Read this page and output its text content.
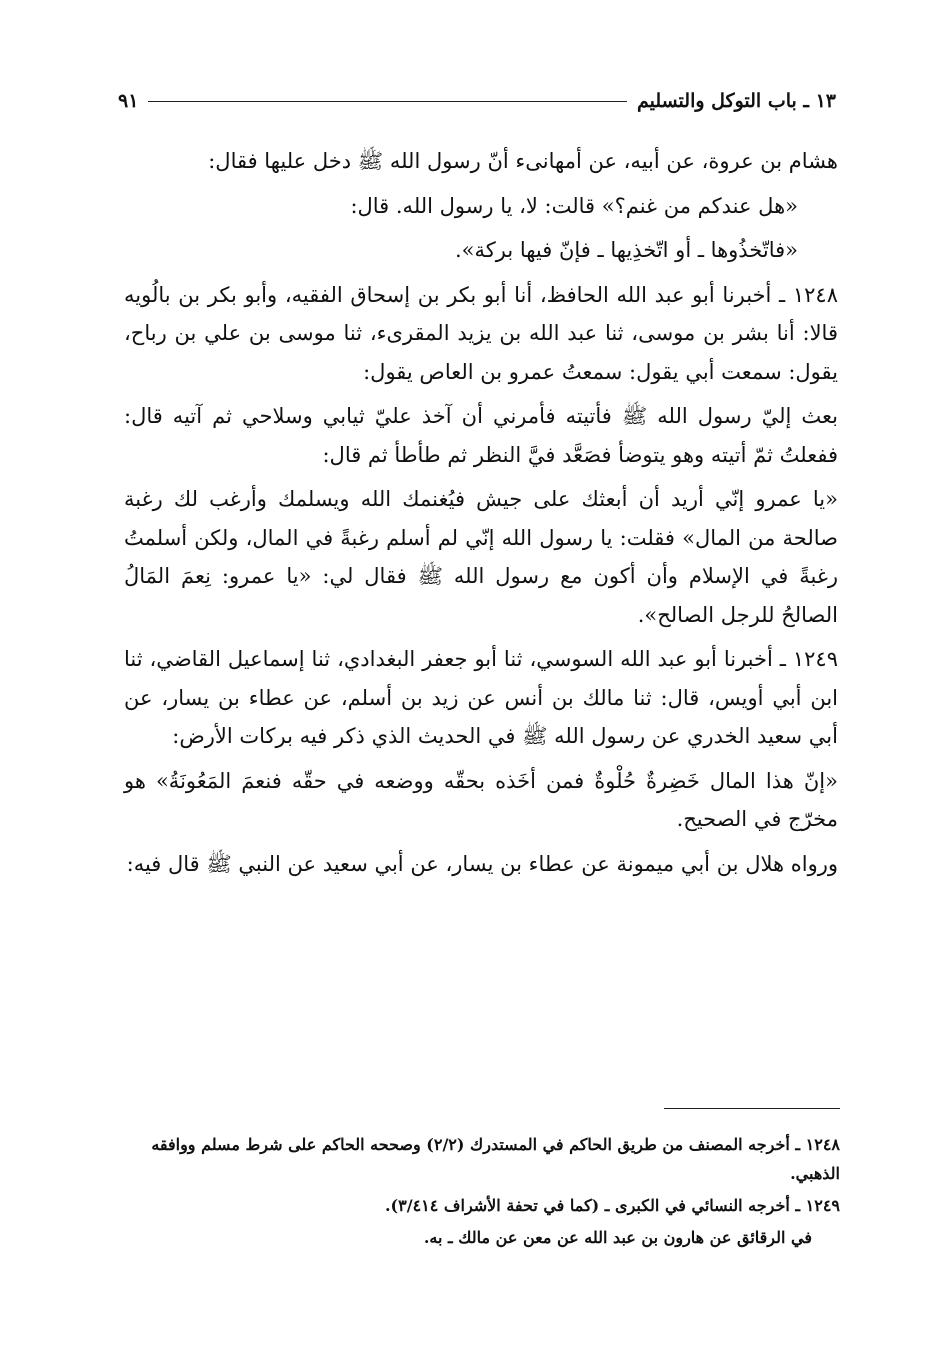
١٣ ـ باب التوكل والتسليم
٩١

هشام بن عروة، عن أبيه، عن أمهانىء أنّ رسول الله ﷺ دخل عليها فقال:

«هل عندكم من غنم؟» قالت: لا، يا رسول الله. قال:

«فاتّخذُوها ـ أو اتّخذِيها ـ فإنّ فيها بركة».

١٢٤٨ ـ أخبرنا أبو عبد الله الحافظ، أنا أبو بكر بن إسحاق الفقيه، وأبو بكر بن بالُويه قالا: أنا بشر بن موسى، ثنا عبد الله بن يزيد المقرىء، ثنا موسى بن علي بن رباح، يقول: سمعت أبي يقول: سمعتُ عمرو بن العاص يقول:

بعث إليّ رسول الله ﷺ فأتيته فأمرني أن آخذ عليّ ثيابي وسلاحي ثم آتيه قال: ففعلتُ ثمّ أتيته وهو يتوضأ فصَعَّد فيَّ النظر ثم طأطأ ثم قال:

«يا عمرو إنّي أريد أن أبعثك على جيش فيُغنمك الله ويسلمك وأرغب لك رغبة صالحة من المال» فقلت: يا رسول الله إنّي لم أسلم رغبةً في المال، ولكن أسلمتُ رغبةً في الإسلام وأن أكون مع رسول الله ﷺ فقال لي: «يا عمرو: نِعمَ المَالُ الصالحُ للرجل الصالح».

١٢٤٩ ـ أخبرنا أبو عبد الله السوسي، ثنا أبو جعفر البغدادي، ثنا إسماعيل القاضي، ثنا ابن أبي أويس، قال: ثنا مالك بن أنس عن زيد بن أسلم، عن عطاء بن يسار، عن أبي سعيد الخدري عن رسول الله ﷺ في الحديث الذي ذكر فيه بركات الأرض:

«إنّ هذا المال خَضِرةٌ حُلْوةٌ فمن أخَذه بحقّه ووضعه في حقّه فنعمَ المَعُونَةُ» هو مخرّج في الصحيح.

ورواه هلال بن أبي ميمونة عن عطاء بن يسار، عن أبي سعيد عن النبي ﷺ قال فيه:

١٢٤٨ ـ أخرجه المصنف من طريق الحاكم في المستدرك (٢/٢) وصححه الحاكم على شرط مسلم ووافقه الذهبي.

١٢٤٩ ـ أخرجه النسائي في الكبرى ـ (كما في تحفة الأشراف ٣/٤١٤).

في الرقائق عن هارون بن عبد الله عن معن عن مالك ـ به.
